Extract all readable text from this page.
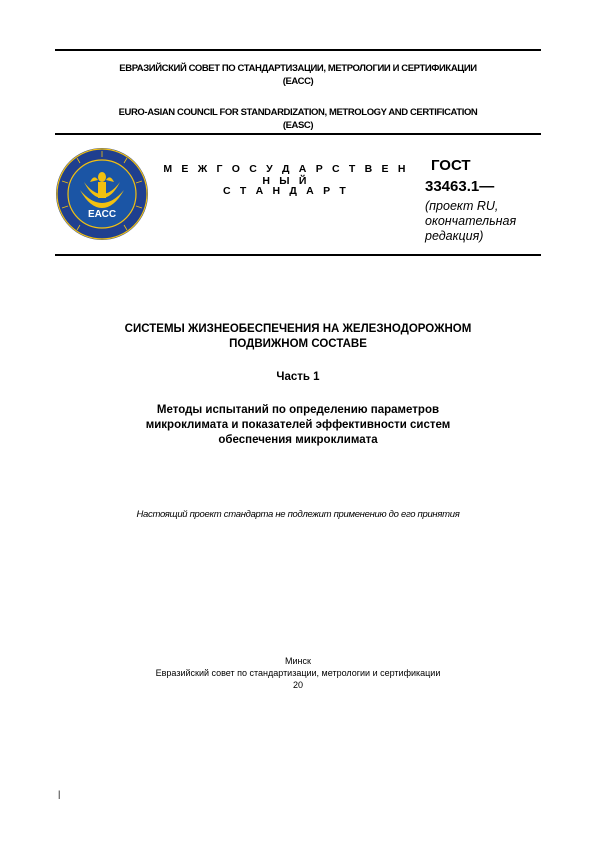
ЕВРАЗИЙСКИЙ СОВЕТ ПО СТАНДАРТИЗАЦИИ, МЕТРОЛОГИИ И СЕРТИФИКАЦИИ
(ЕАСС)
EURO-ASIAN COUNCIL FOR STANDARDIZATION, METROLOGY AND CERTIFICATION
(EASC)
ЕАСС
М Е Ж Г О С У Д А Р С Т В Е Н Н Ы Й
С Т А Н Д А Р Т
ГОСТ
33463.1—
(проект RU,
окончательная
редакция)
СИСТЕМЫ ЖИЗНЕОБЕСПЕЧЕНИЯ НА ЖЕЛЕЗНОДОРОЖНОМ
ПОДВИЖНОМ СОСТАВЕ
Часть 1
Методы испытаний по определению параметров
микроклимата и показателей эффективности систем
обеспечения микроклимата
Настоящий проект стандарта не подлежит применению до его принятия
Минск
Евразийский совет по стандартизации, метрологии и сертификации
20
|
